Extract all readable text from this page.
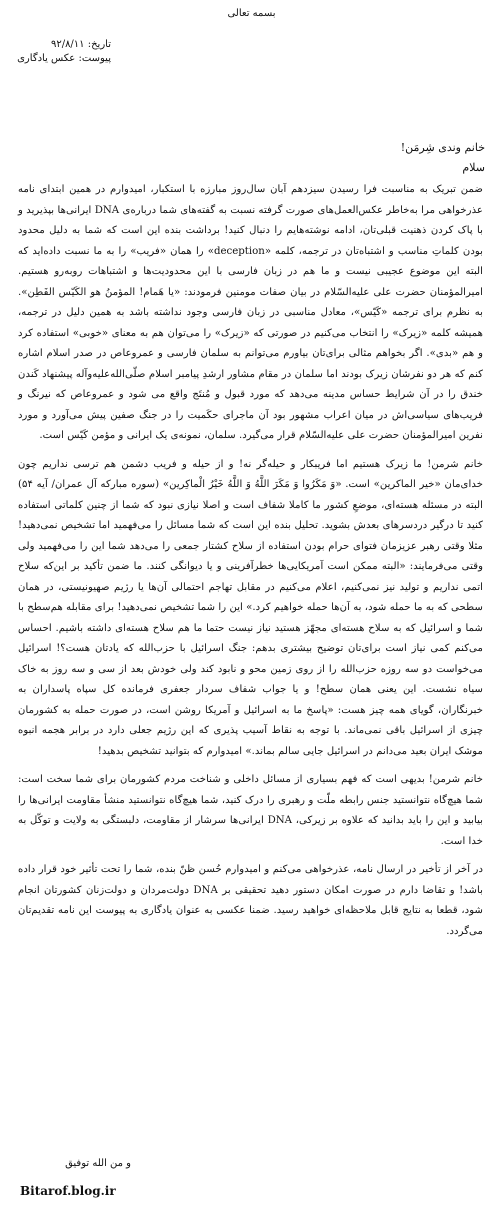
بسمه تعالی
تاریخ: ۹۲/۸/۱۱
پیوست: عکس یادگاری
خانم وندی شِرمَن!
سلام

ضمن تبریک به مناسبت فرا رسیدن سیزدهم آبان سال‌روز مبارزه با استکبار، امیدوارم در همین ابتدای نامه عذرخواهی مرا به‌خاطر عکس‌العمل‌های صورت گرفته نسبت به گفته‌های شما درباره‌ی DNA ایرانی‌ها بپذیرید و با پاک کردن ذهنیت قبلی‌تان، ادامه نوشته‌هایم را دنبال کنید! برداشت بنده این است که شما به دلیل محدود بودن کلماتِ مناسب و اشتباه‌تان در ترجمه، کلمه «deception» را همان «فریب» را به ما نسبت داده‌اید که البته این موضوع عجیبی نیست و ما هم در زبان فارسی با این محدودیت‌ها و اشتباهات روبه‌رو هستیم. امیرالمؤمنان حضرت علی علیه‌السّلام در بیان صفات مومنین فرمودند: «یا هَمام! المؤمنُ هو الکَیّس الفَطِن». به نظرم برای ترجمه «کَیّس»، معادل مناسبی در زبان فارسی وجود نداشته باشد به همین دلیل در ترجمه، همیشه کلمه «زیرک» را انتخاب می‌کنیم در صورتی که «زیرک» را می‌توان هم به معنای «خوبی» استفاده کرد و هم «بدی». اگر بخواهم مثالی برای‌تان بیاورم می‌توانم به سلمان فارسی و عمروعاص در صدر اسلام اشاره کنم که هر دو نفرشان زیرک بودند اما سلمان در مقام مشاور ارشدِ پیامبر اسلام صلّی‌الله‌علیه‌وآله پیشنهاد کَندن خندق را در آن شرایط حساس مدینه می‌دهد که مورد قبول و مُنتَج واقع می شود و عمروعاص که نیرنگ و فریب‌های سیاسی‌اش در میان اعراب مشهور بود آن ماجرای حکَمیت را در جنگ صفین پیش می‌آورد و مورد نفرین امیرالمؤمنان حضرت علی علیه‌السّلام قرار می‌گیرد. سلمان، نمونه‌ی یک ایرانی و مؤمن کَیّس است.

خانم شرمن! ما زیرک هستیم اما فریبکار و حیله‌گر نه! و از حیله و فریب دشمن هم ترسی نداریم چون خدای‌مان «خیر الماکرین» است. «وَ مَکَرُوا وَ مَکَرَ اللَّهُ وَ اللَّهُ خَیْرُ الْماکِرین» (سوره مبارکه آل عمران/ آیه ۵۴) البته در مسئله هسته‌ای، موضعِ کشور ما کاملا شفاف است و اصلا نیازی نبود که شما از چنین کلماتی استفاده کنید تا درگیر دردسرهای بعدش بشوید. تحلیل بنده این است که شما مسائل را می‌فهمید اما تشخیص نمی‌دهید! مثلا وقتی رهبر عزیزمان فتوای حرام بودن استفاده از سلاح کشتار جمعی را می‌دهد شما این را می‌فهمید ولی وقتی می‌فرمایند: «البته ممکن است آمریکایی‌ها خطرآفرینی و یا دیوانگی کنند. ما ضمن تأکید بر این‌که سلاح اتمی نداریم و تولید نیز نمی‌کنیم، اعلام می‌کنیم در مقابل تهاجم احتمالی آن‌ها یا رژیم صهیونیستی، در همان سطحی که به ما حمله شود، به آن‌ها حمله خواهیم کرد.» این را شما تشخیص نمی‌دهید! برای مقابله هم‌سطح با شما و اسرائیل که به سلاح هسته‌ای مجهّز هستید نیاز نیست حتما ما هم سلاح هسته‌ای داشته باشیم. احساس می‌کنم کمی نیاز است برای‌تان توضیح بیشتری بدهم: جنگ اسرائیل با حزب‌الله که یادتان هست؟! اسرائیل می‌خواست دو سه روزه حزب‌الله را از روی زمین محو و نابود کند ولی خودش بعد از سی و سه روز به خاک سیاه نشست. این یعنی همان سطح! و یا جواب شفاف سردار جعفری فرمانده کل سپاه پاسداران به خبرنگاران، گویای همه چیز هست: «پاسخ ما به اسرائیل و آمریکا روشن است، در صورت حمله به کشورمان چیزی از اسرائیل باقی نمی‌ماند. با توجه به نقاط آسیب پذیری که این رژیم جعلی دارد در برابر هجمه انبوه موشک ایران بعید می‌دانم در اسرائیل جایی سالم بماند.» امیدوارم که بتوانید تشخیص بدهید!

خانم شرمن! بدیهی است که فهم بسیاری از مسائل داخلی و شناخت مردم کشورمان برای شما سخت است: شما هیچ‌گاه نتوانستید جنس رابطه ملّت و رهبری را درک کنید، شما هیچ‌گاه نتوانستید منشأ مقاومت ایرانی‌ها را بیابید و این را باید بدانید که علاوه بر زیرکی، DNA ایرانی‌ها سرشار از مقاومت، دلبستگی به ولایت و توکّل به خدا است.

در آخر از تأخیر در ارسال نامه، عذرخواهی می‌کنم و امیدوارم حُسن ظنّ بنده، شما را تحت تأثیر خود قرار داده باشد! و تقاضا دارم در صورت امکان دستور دهید تحقیقی بر DNA دولت‌مردان و دولت‌زنان کشورتان انجام شود، قطعا به نتایج قابل ملاحظه‌ای خواهید رسید. ضمنا عکسی به عنوان یادگاری به پیوست این نامه تقدیم‌تان می‌گردد.

و من الله توفیق
Bitarof.blog.ir
